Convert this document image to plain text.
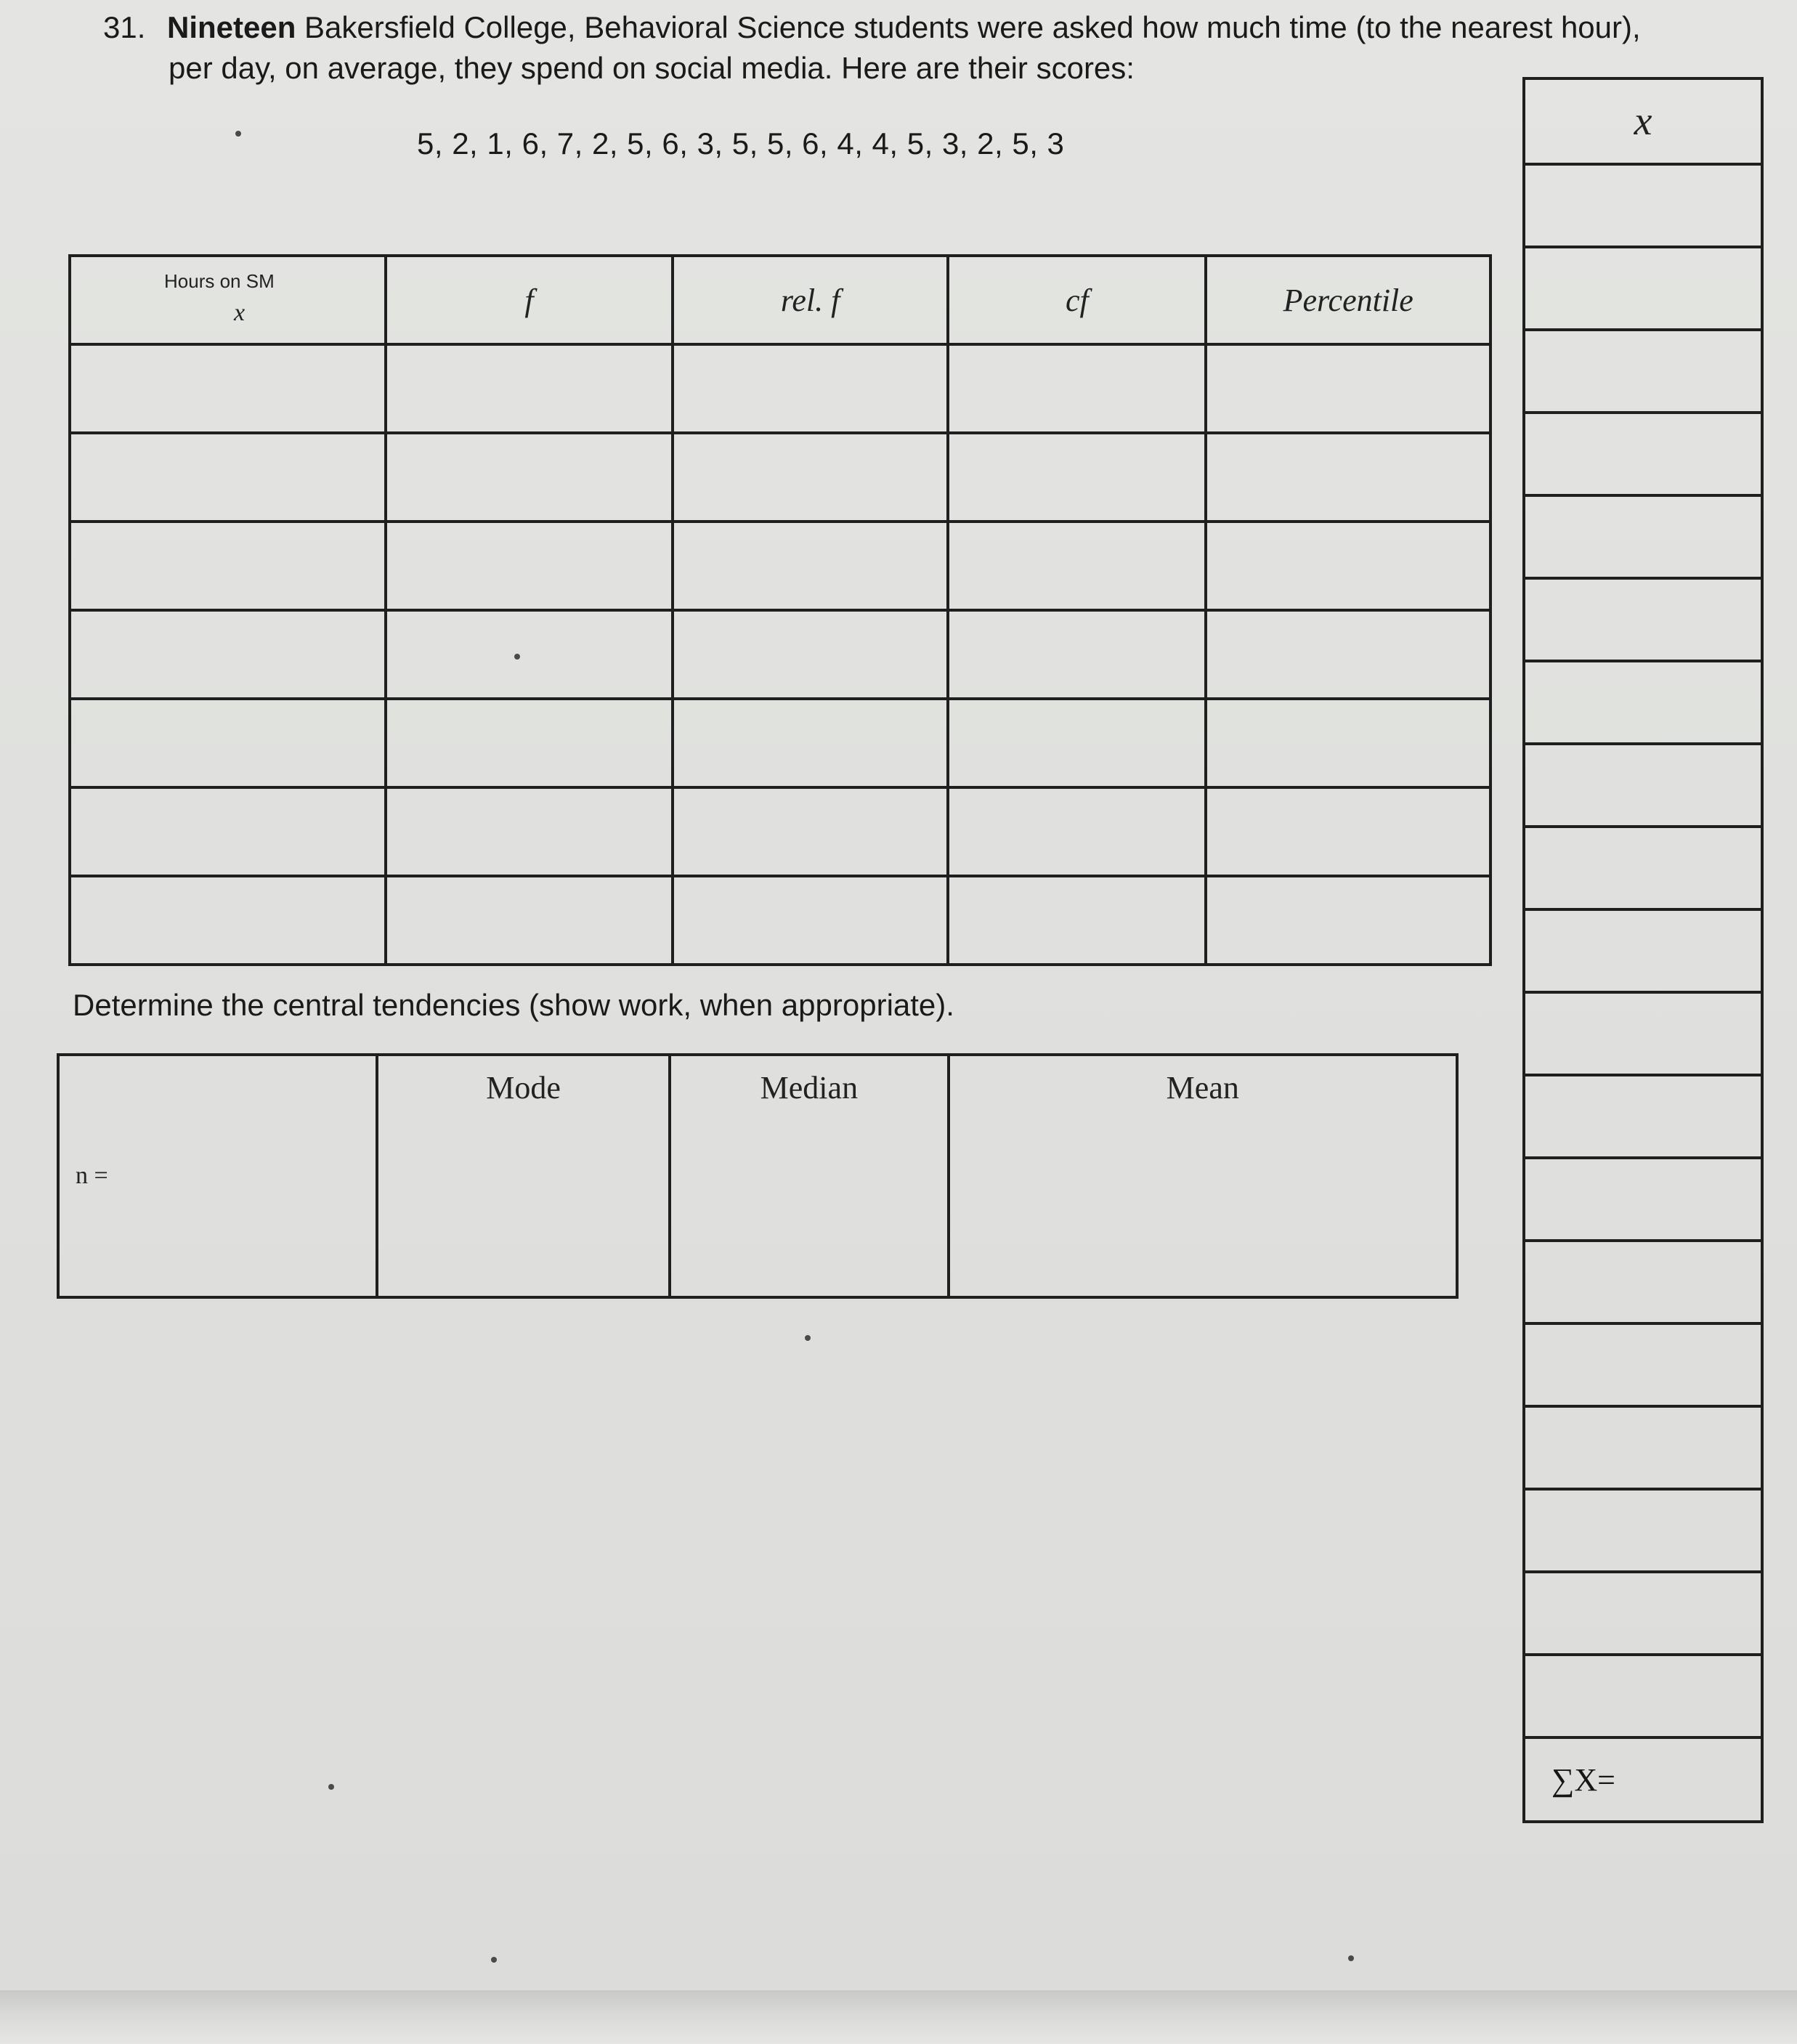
31. Nineteen Bakersfield College, Behavioral Science students were asked how much time (to the nearest hour),
per day, on average, they spend on social media. Here are their scores:
5, 2, 1, 6, 7, 2, 5, 6, 3, 5, 5, 6, 4, 4, 5, 3, 2, 5, 3
Hours on SM
x	f	rel. f	cf	Percentile

Determine the central tendencies (show work, when appropriate).
n =	Mode	Median	Mean
x

∑X=
